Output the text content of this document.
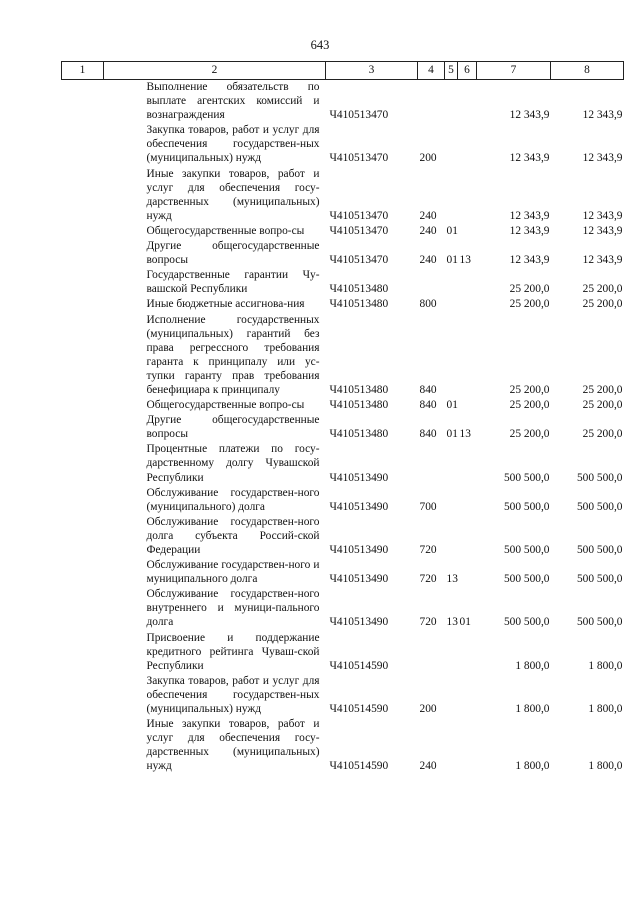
643
1	2	3	4	5	6	7	8
	Выполнение обязательств по выплате агентских комиссий и вознаграждения	Ч410513470				12 343,9	12 343,9
	Закупка товаров, работ и услуг для обеспечения государствен-ных (муниципальных) нужд	Ч410513470	200			12 343,9	12 343,9
	Иные закупки товаров, работ и услуг для обеспечения госу-дарственных (муниципальных) нужд	Ч410513470	240			12 343,9	12 343,9
	Общегосударственные вопро-сы	Ч410513470	240	01		12 343,9	12 343,9
	Другие общегосударственные вопросы	Ч410513470	240	01	13	12 343,9	12 343,9
	Государственные гарантии Чу-вашской Республики	Ч410513480				25 200,0	25 200,0
	Иные бюджетные ассигнова-ния	Ч410513480	800			25 200,0	25 200,0
	Исполнение государственных (муниципальных) гарантий без права регрессного требования гаранта к принципалу или ус-тупки гаранту прав требования бенефициара к принципалу	Ч410513480	840			25 200,0	25 200,0
	Общегосударственные вопро-сы	Ч410513480	840	01		25 200,0	25 200,0
	Другие общегосударственные вопросы	Ч410513480	840	01	13	25 200,0	25 200,0
	Процентные платежи по госу-дарственному долгу Чувашской Республики	Ч410513490				500 500,0	500 500,0
	Обслуживание государствен-ного (муниципального) долга	Ч410513490	700			500 500,0	500 500,0
	Обслуживание государствен-ного долга субъекта Россий-ской Федерации	Ч410513490	720			500 500,0	500 500,0
	Обслуживание государствен-ного и муниципального долга	Ч410513490	720	13		500 500,0	500 500,0
	Обслуживание государствен-ного внутреннего и муници-пального долга	Ч410513490	720	13	01	500 500,0	500 500,0
	Присвоение и поддержание кредитного рейтинга Чуваш-ской Республики	Ч410514590				1 800,0	1 800,0
	Закупка товаров, работ и услуг для обеспечения государствен-ных (муниципальных) нужд	Ч410514590	200			1 800,0	1 800,0
	Иные закупки товаров, работ и услуг для обеспечения госу-дарственных (муниципальных) нужд	Ч410514590	240			1 800,0	1 800,0
